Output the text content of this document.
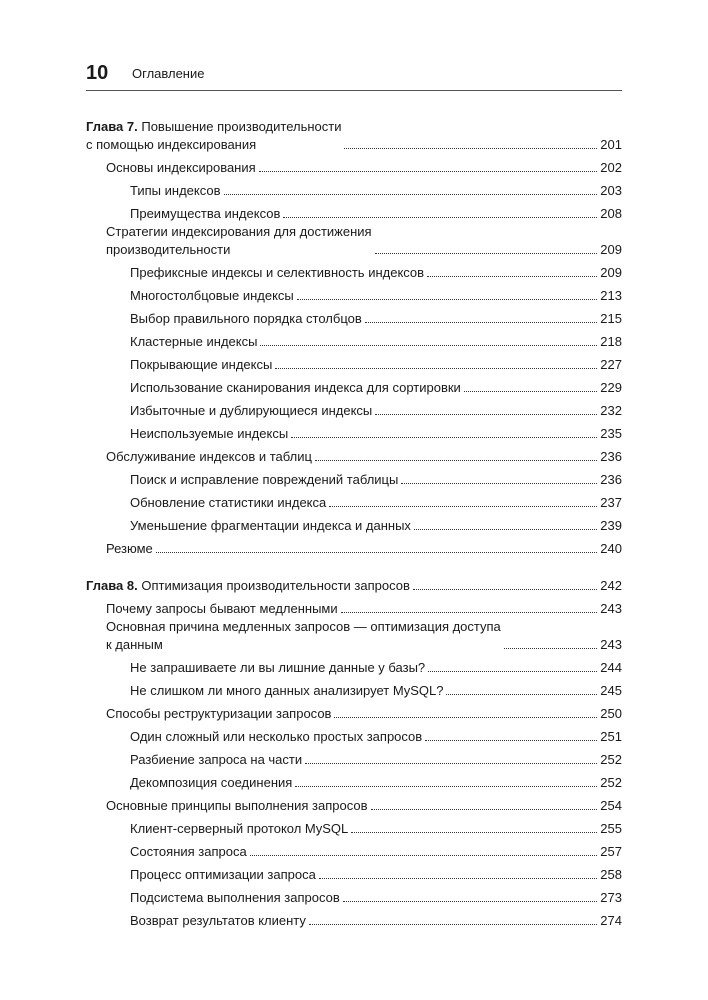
10 Оглавление
Глава 7. Повышение производительности
с помощью индексирования	201
Основы индексирования	202
Типы индексов	203
Преимущества индексов	208
Стратегии индексирования для достижения
производительности	209
Префиксные индексы и селективность индексов	209
Многостолбцовые индексы	213
Выбор правильного порядка столбцов	215
Кластерные индексы	218
Покрывающие индексы	227
Использование сканирования индекса для сортировки	229
Избыточные и дублирующиеся индексы	232
Неиспользуемые индексы	235
Обслуживание индексов и таблиц	236
Поиск и исправление повреждений таблицы	236
Обновление статистики индекса	237
Уменьшение фрагментации индекса и данных	239
Резюме	240
Глава 8. Оптимизация производительности запросов	242
Почему запросы бывают медленными	243
Основная причина медленных запросов — оптимизация доступа
к данным	243
Не запрашиваете ли вы лишние данные у базы?	244
Не слишком ли много данных анализирует MySQL?	245
Способы реструктуризации запросов	250
Один сложный или несколько простых запросов	251
Разбиение запроса на части	252
Декомпозиция соединения	252
Основные принципы выполнения запросов	254
Клиент-серверный протокол MySQL	255
Состояния запроса	257
Процесс оптимизации запроса	258
Подсистема выполнения запросов	273
Возврат результатов клиенту	274
